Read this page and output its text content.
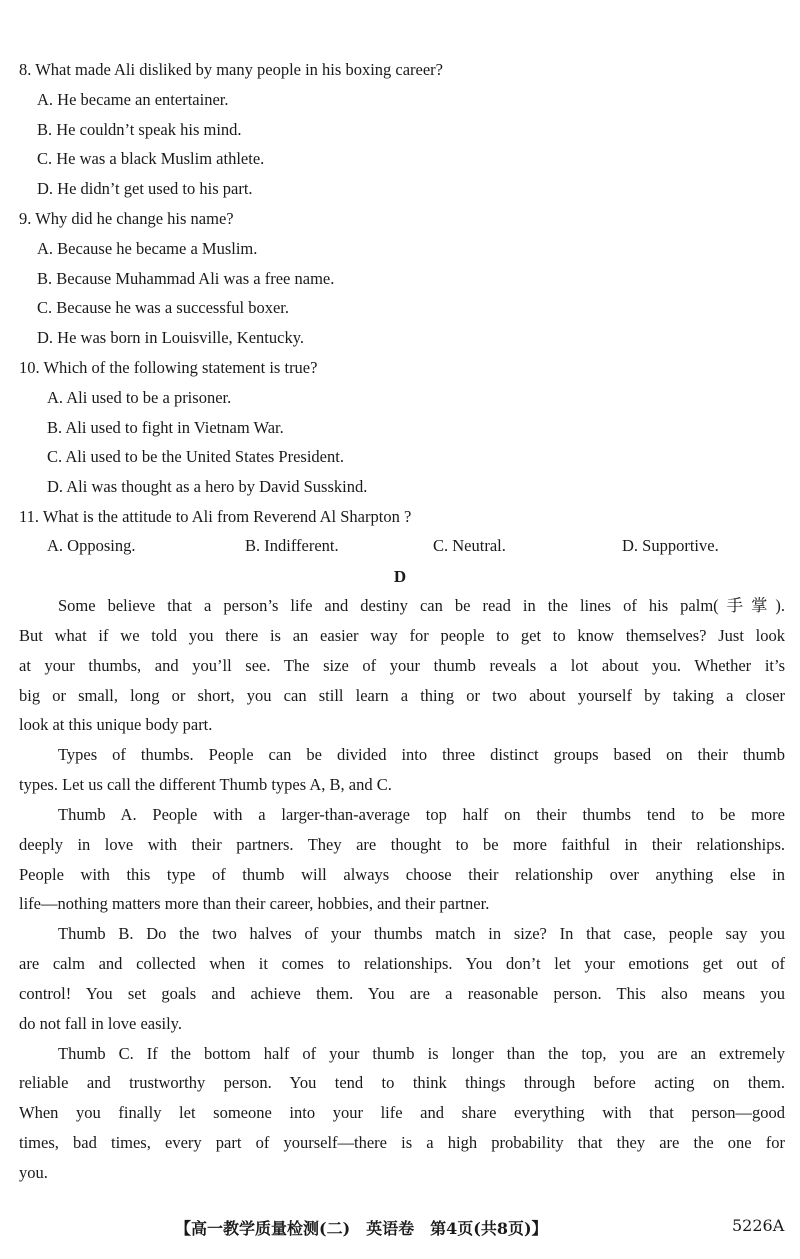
8. What made Ali disliked by many people in his boxing career?
A. He became an entertainer.
B. He couldn’t speak his mind.
C. He was a black Muslim athlete.
D. He didn’t get used to his part.
9. Why did he change his name?
A. Because he became a Muslim.
B. Because Muhammad Ali was a free name.
C. Because he was a successful boxer.
D. He was born in Louisville, Kentucky.
10. Which of the following statement is true?
A. Ali used to be a prisoner.
B. Ali used to fight in Vietnam War.
C. Ali used to be the United States President.
D. Ali was thought as a hero by David Susskind.
11. What is the attitude to Ali from Reverend Al Sharpton ?
A. Opposing.	B. Indifferent.	C. Neutral.	D. Supportive.
D
Some believe that a person’s life and destiny can be read in the lines of his palm(手掌).
But what if we told you there is an easier way for people to get to know themselves? Just look
at your thumbs, and you’ll see. The size of your thumb reveals a lot about you. Whether it’s
big or small, long or short, you can still learn a thing or two about yourself by taking a closer
look at this unique body part.
Types of thumbs. People can be divided into three distinct groups based on their thumb
types. Let us call the different Thumb types A, B, and C.
Thumb A. People with a larger-than-average top half on their thumbs tend to be more
deeply in love with their partners. They are thought to be more faithful in their relationships.
People with this type of thumb will always choose their relationship over anything else in
life—nothing matters more than their career, hobbies, and their partner.
Thumb B. Do the two halves of your thumbs match in size? In that case, people say you
are calm and collected when it comes to relationships. You don’t let your emotions get out of
control! You set goals and achieve them. You are a reasonable person. This also means you
do not fall in love easily.
Thumb C. If the bottom half of your thumb is longer than the top, you are an extremely
reliable and trustworthy person. You tend to think things through before acting on them.
When you finally let someone into your life and share everything with that person—good
times, bad times, every part of yourself—there is a high probability that they are the one for
you.
【高一教学质量检测(二)　英语卷　第4页(共8页)】	5226A
